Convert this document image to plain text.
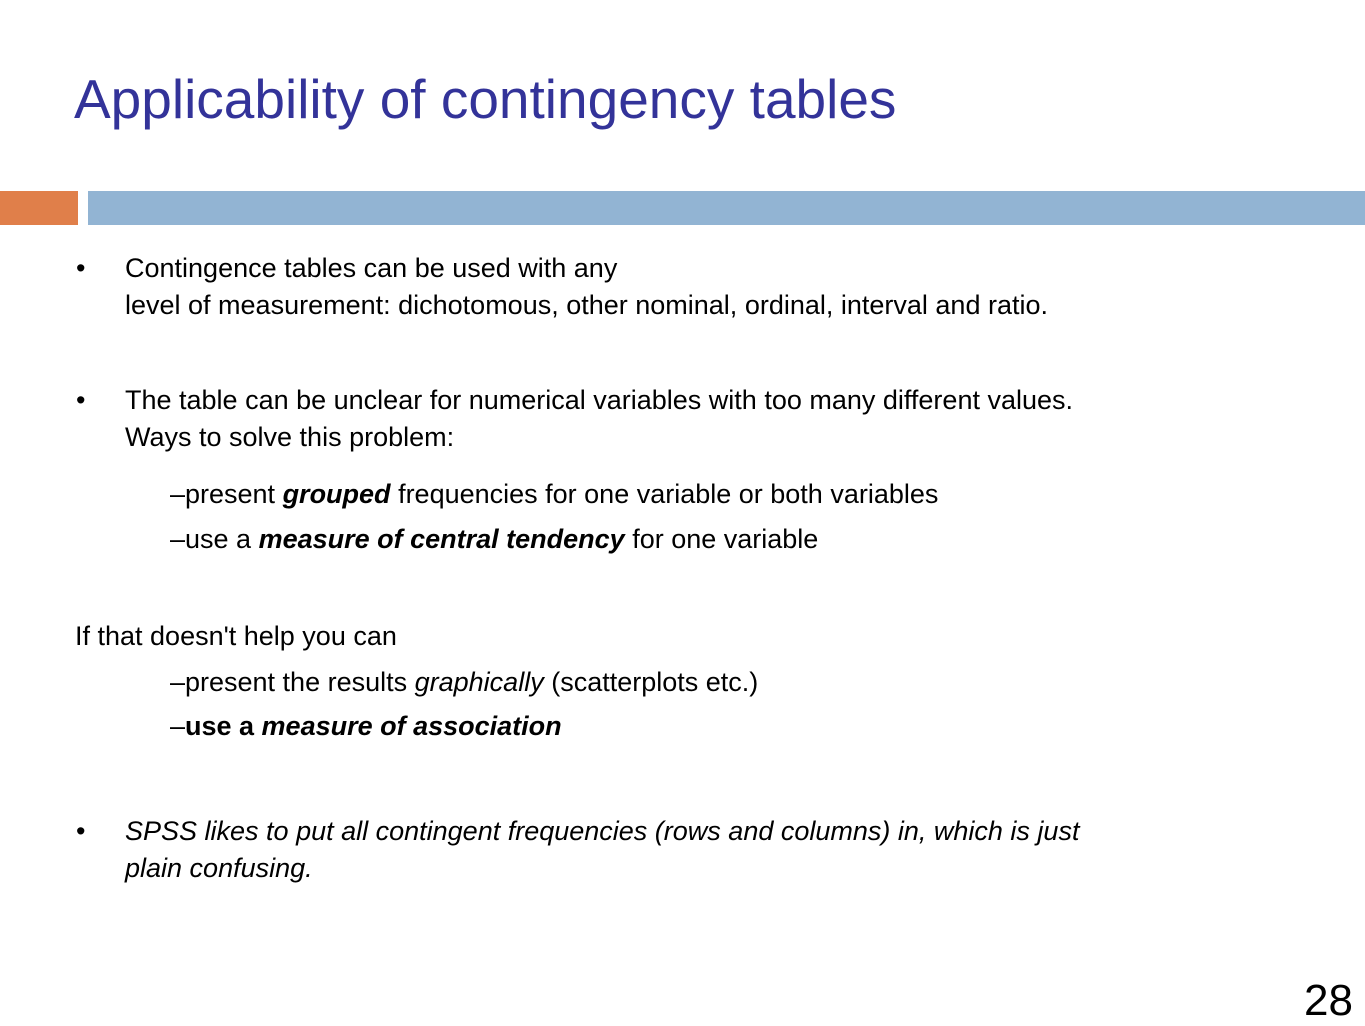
Applicability of contingency tables
• Contingence tables can be used with any
level of measurement: dichotomous, other nominal, ordinal, interval and ratio.
• The table can be unclear for numerical variables with too many different values.
Ways to solve this problem:
– present grouped frequencies for one variable or both variables
– use a measure of central tendency for one variable
If that doesn't help you can
– present the results graphically (scatterplots etc.)
– use a measure of association
• SPSS likes to put all contingent frequencies (rows and columns) in, which is just
plain confusing.
28
